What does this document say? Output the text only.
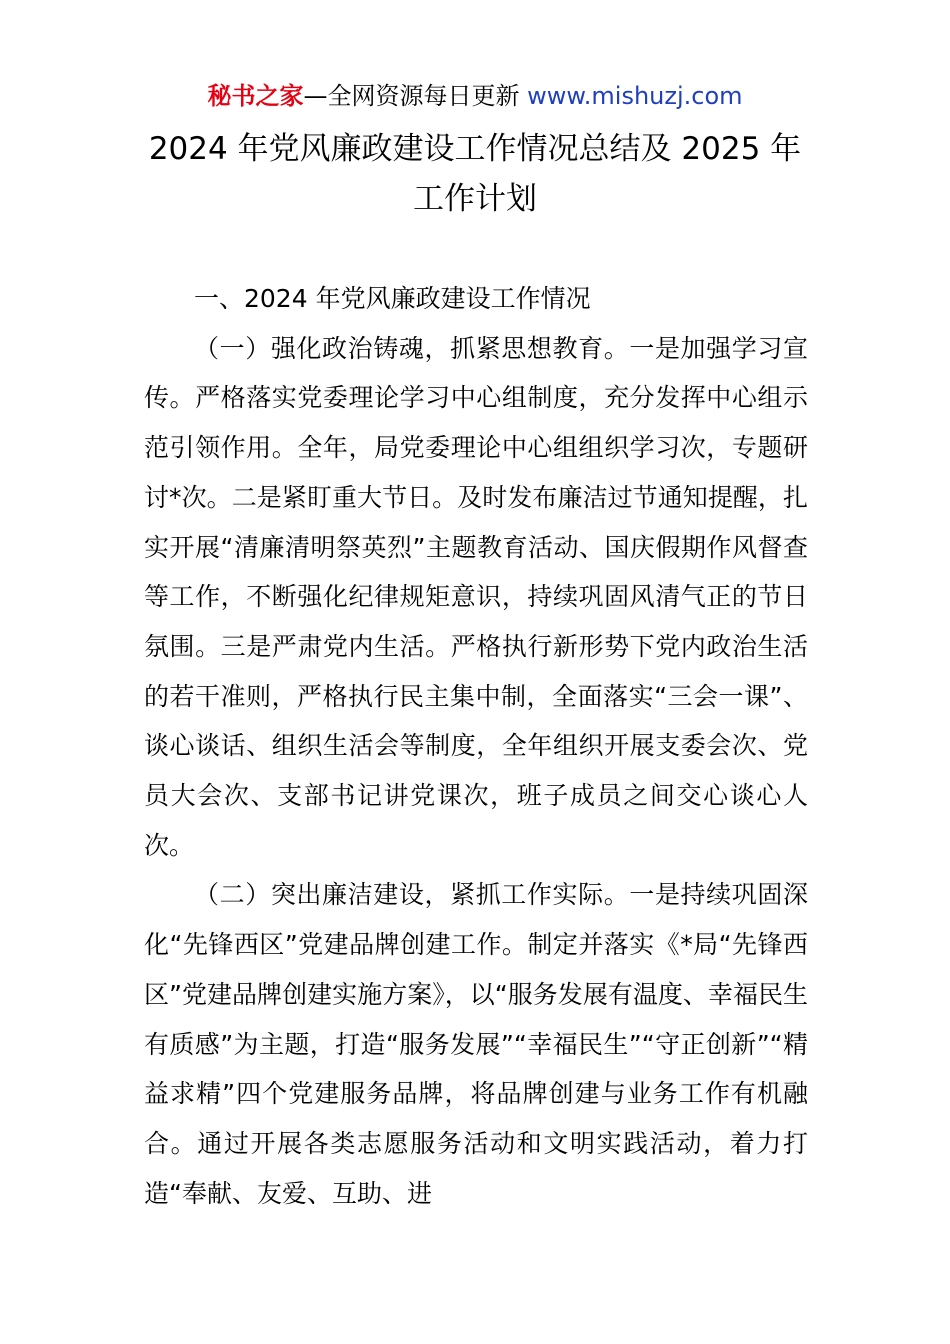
秘书之家—全网资源每日更新 www.mishuzj.com
2024 年党风廉政建设工作情况总结及 2025 年
工作计划

一、2024 年党风廉政建设工作情况

（一）强化政治铸魂，抓紧思想教育。一是加强学习宣传。严格落实党委理论学习中心组制度，充分发挥中心组示范引领作用。全年，局党委理论中心组组织学习次，专题研讨*次。二是紧盯重大节日。及时发布廉洁过节通知提醒，扎实开展“清廉清明祭英烈”主题教育活动、国庆假期作风督查等工作，不断强化纪律规矩意识，持续巩固风清气正的节日氛围。三是严肃党内生活。严格执行新形势下党内政治生活的若干准则，严格执行民主集中制，全面落实“三会一课”、谈心谈话、组织生活会等制度，全年组织开展支委会次、党员大会次、支部书记讲党课次，班子成员之间交心谈心人次。

（二）突出廉洁建设，紧抓工作实际。一是持续巩固深化“先锋西区”党建品牌创建工作。制定并落实《*局“先锋西区”党建品牌创建实施方案》，以“服务发展有温度、幸福民生有质感”为主题，打造“服务发展”“幸福民生”“守正创新”“精益求精”四个党建服务品牌，将品牌创建与业务工作有机融合。通过开展各类志愿服务活动和文明实践活动，着力打造“奉献、友爱、互助、进
